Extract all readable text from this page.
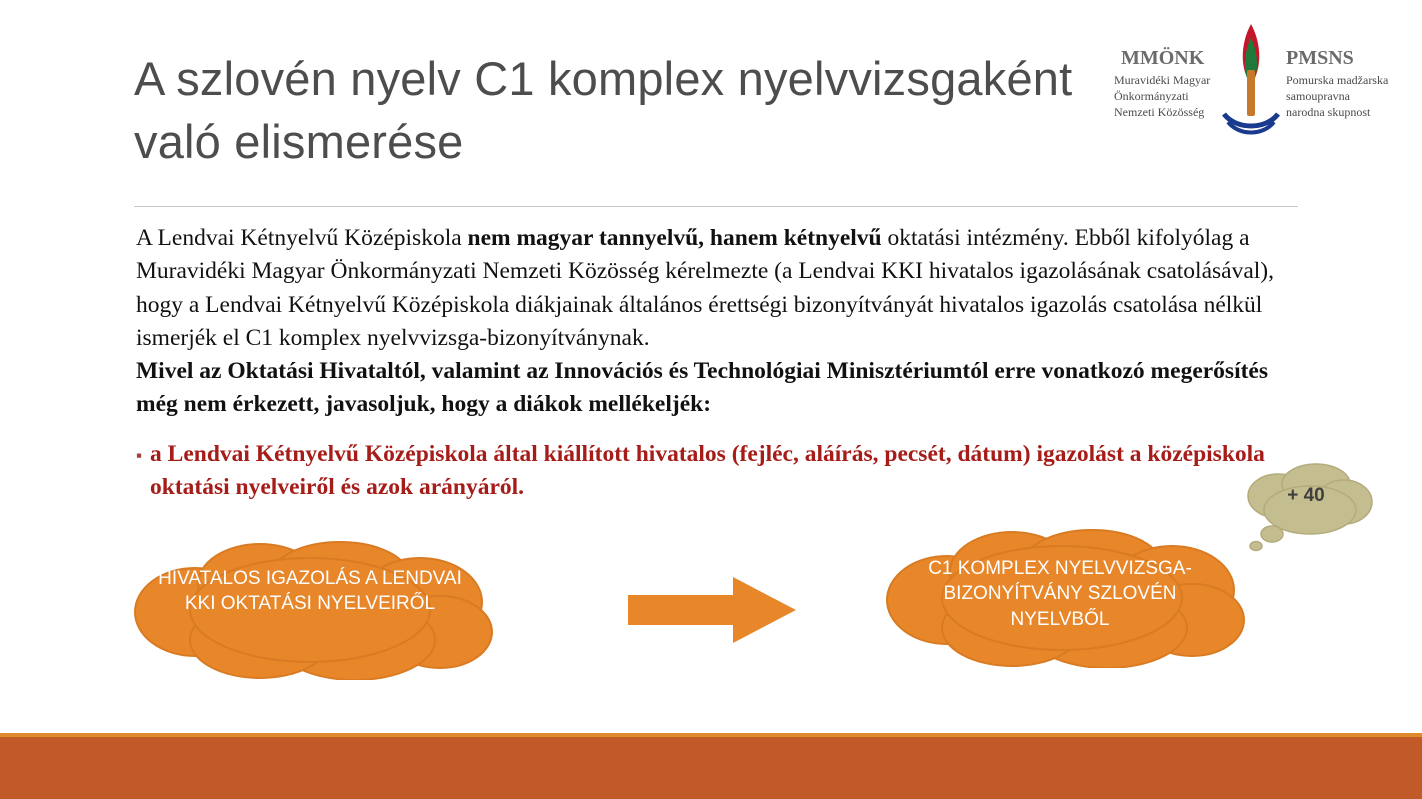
MMÖNK
Muravidéki Magyar
Önkormányzati
Nemzeti Közösség
PMSNS
Pomurska madžarska
samoupravna
narodna skupnost
A szlovén nyelv C1 komplex nyelvvizsgaként való elismerése
A Lendvai Kétnyelvű Középiskola nem magyar tannyelvű, hanem kétnyelvű oktatási intézmény. Ebből kifolyólag a Muravidéki Magyar Önkormányzati Nemzeti Közösség kérelmezte (a Lendvai KKI hivatalos igazolásának csatolásával), hogy a Lendvai Kétnyelvű Középiskola diákjainak általános érettségi bizonyítványát hivatalos igazolás csatolása nélkül ismerjék el C1 komplex nyelvvizsga-bizonyítványnak.
Mivel az Oktatási Hivataltól, valamint az Innovációs és Technológiai Minisztériumtól erre vonatkozó megerősítés még nem érkezett, javasoljuk, hogy a diákok mellékeljék:
▪ a Lendvai Kétnyelvű Középiskola által kiállított hivatalos (fejléc, aláírás, pecsét, dátum) igazolást a középiskola oktatási nyelveiről és azok arányáról.
HIVATALOS IGAZOLÁS A LENDVAI KKI OKTATÁSI NYELVEIRŐL
C1 KOMPLEX NYELVVIZSGA-BIZONYÍTVÁNY SZLOVÉN NYELVBŐL
+ 40
